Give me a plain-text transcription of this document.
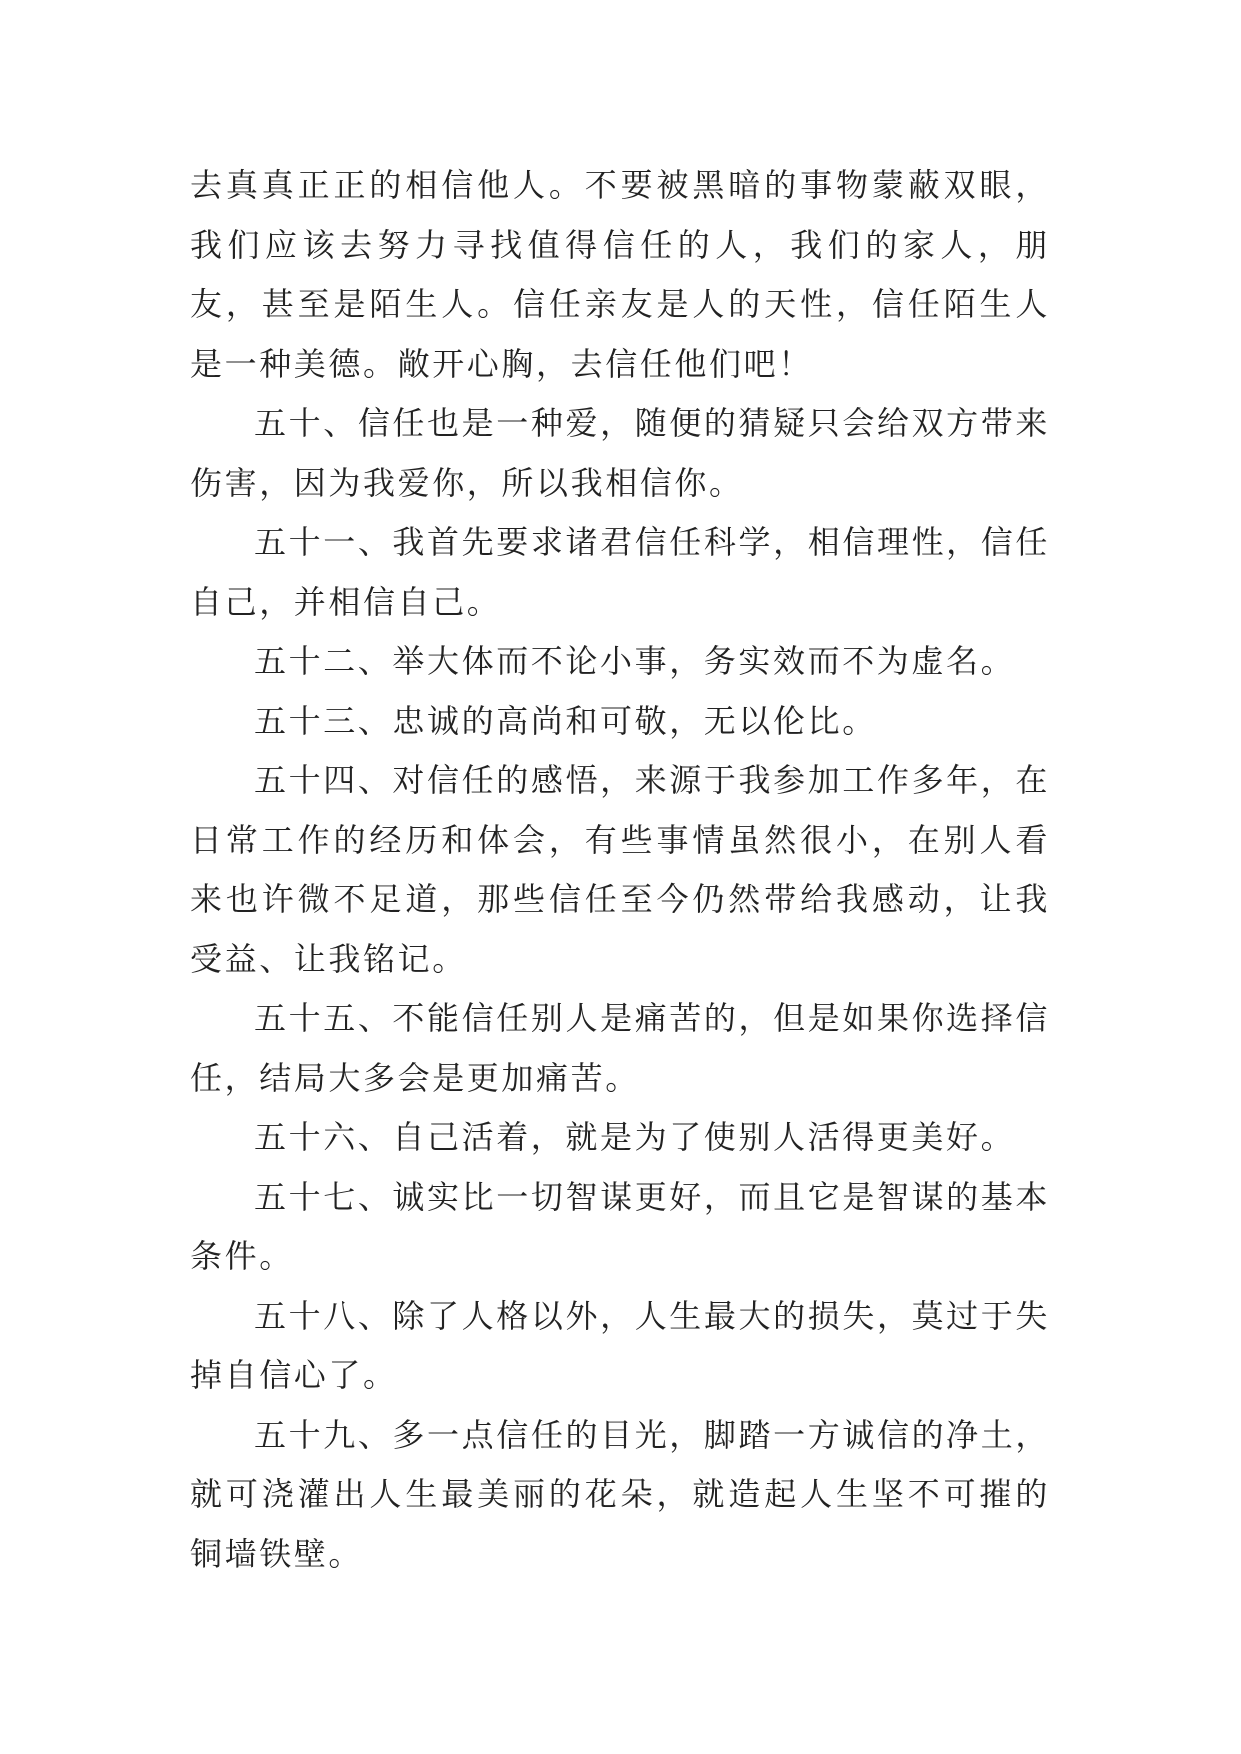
去真真正正的相信他人。不要被黑暗的事物蒙蔽双眼，我们应该去努力寻找值得信任的人，我们的家人，朋友，甚至是陌生人。信任亲友是人的天性，信任陌生人是一种美德。敞开心胸，去信任他们吧！

五十、信任也是一种爱，随便的猜疑只会给双方带来伤害，因为我爱你，所以我相信你。

五十一、我首先要求诸君信任科学，相信理性，信任自己，并相信自己。

五十二、举大体而不论小事，务实效而不为虚名。

五十三、忠诚的高尚和可敬，无以伦比。

五十四、对信任的感悟，来源于我参加工作多年，在日常工作的经历和体会，有些事情虽然很小，在别人看来也许微不足道，那些信任至今仍然带给我感动，让我受益、让我铭记。

五十五、不能信任别人是痛苦的，但是如果你选择信任，结局大多会是更加痛苦。

五十六、自己活着，就是为了使别人活得更美好。

五十七、诚实比一切智谋更好，而且它是智谋的基本条件。

五十八、除了人格以外，人生最大的损失，莫过于失掉自信心了。

五十九、多一点信任的目光，脚踏一方诚信的净土，就可浇灌出人生最美丽的花朵，就造起人生坚不可摧的铜墙铁壁。
